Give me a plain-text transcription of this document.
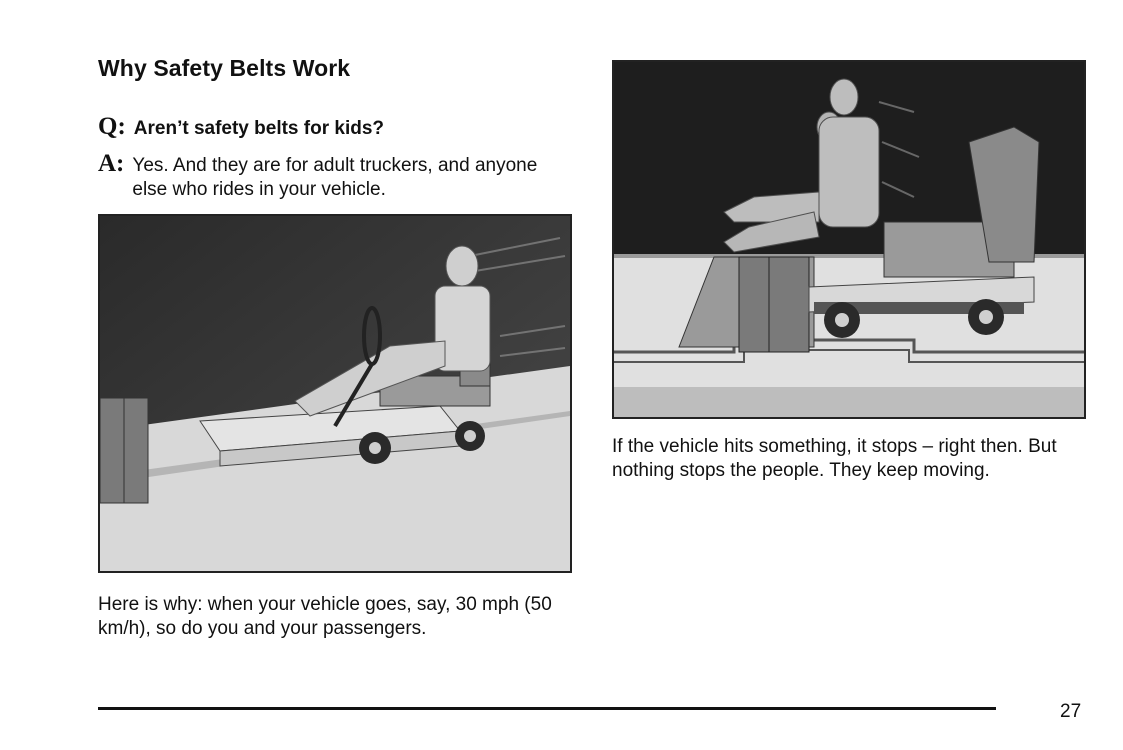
Why Safety Belts Work
Q: Aren’t safety belts for kids?
A: Yes. And they are for adult truckers, and anyone else who rides in your vehicle.
Here is why: when your vehicle goes, say, 30 mph (50 km/h), so do you and your passengers.
If the vehicle hits something, it stops – right then. But nothing stops the people. They keep moving.
27
